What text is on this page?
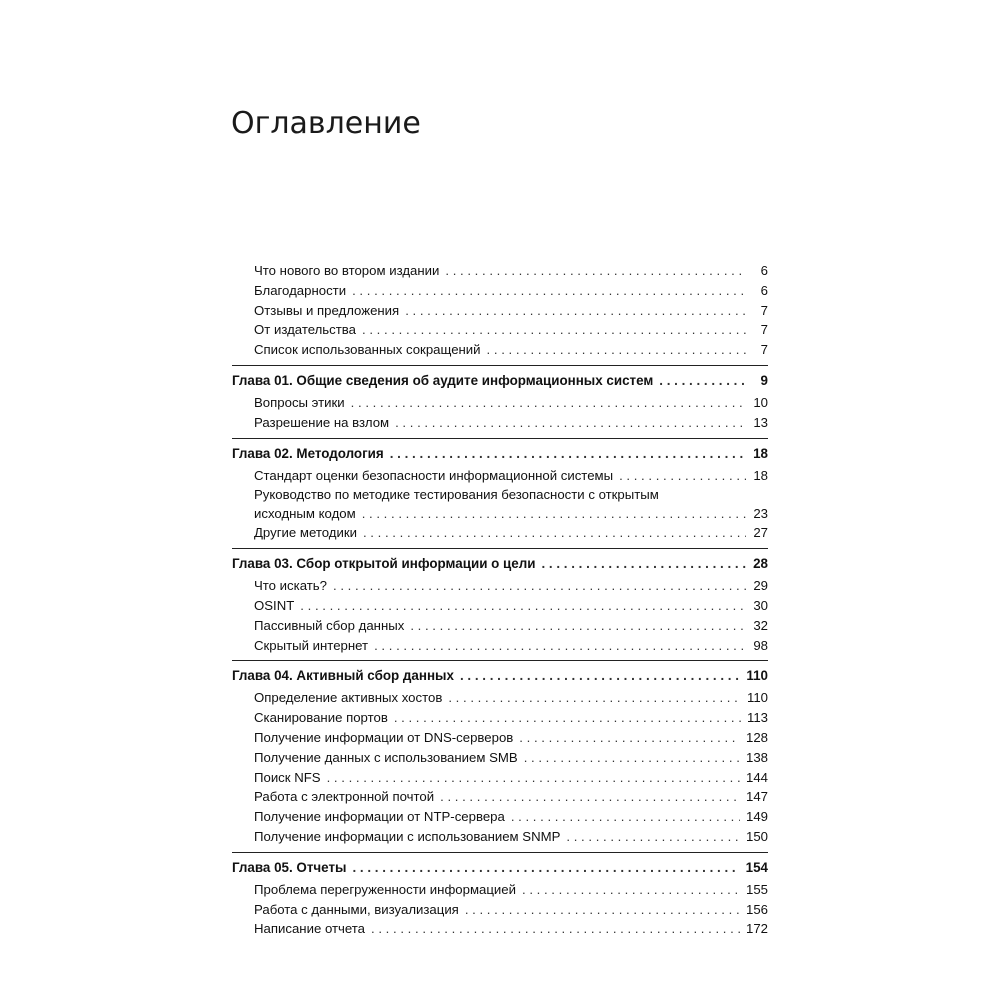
Оглавление
Что нового во втором издании . . .	6
Благодарности . . .	6
Отзывы и предложения . . .	7
От издательства . . .	7
Список использованных сокращений . . .	7
Глава 01. Общие сведения об аудите информационных систем . . .	9
Вопросы этики . . .	10
Разрешение на взлом . . .	13
Глава 02. Методология . . .	18
Стандарт оценки безопасности информационной системы . . .	18
Руководство по методике тестирования безопасности с открытым
исходным кодом . . .	23
Другие методики . . .	27
Глава 03. Сбор открытой информации о цели . . .	28
Что искать? . . .	29
OSINT . . .	30
Пассивный сбор данных . . .	32
Скрытый интернет . . .	98
Глава 04. Активный сбор данных . . .	110
Определение активных хостов . . .	110
Сканирование портов . . .	113
Получение информации от DNS-серверов . . .	128
Получение данных с использованием SMB . . .	138
Поиск NFS . . .	144
Работа с электронной почтой . . .	147
Получение информации от NTP-сервера . . .	149
Получение информации с использованием SNMP . . .	150
Глава 05. Отчеты . . .	154
Проблема перегруженности информацией . . .	155
Работа с данными, визуализация . . .	156
Написание отчета . . .	172
